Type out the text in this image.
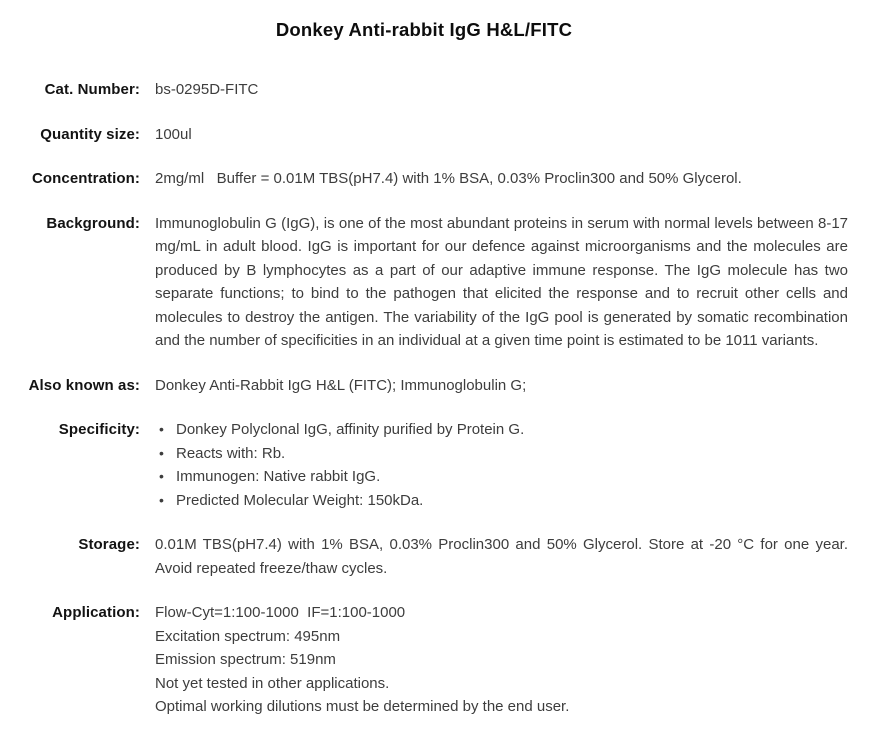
Donkey Anti-rabbit IgG H&L/FITC
Cat. Number: bs-0295D-FITC
Quantity size: 100ul
Concentration: 2mg/ml   Buffer = 0.01M TBS(pH7.4) with 1% BSA, 0.03% Proclin300 and 50% Glycerol.
Background: Immunoglobulin G (IgG), is one of the most abundant proteins in serum with normal levels between 8-17 mg/mL in adult blood. IgG is important for our defence against microorganisms and the molecules are produced by B lymphocytes as a part of our adaptive immune response. The IgG molecule has two separate functions; to bind to the pathogen that elicited the response and to recruit other cells and molecules to destroy the antigen. The variability of the IgG pool is generated by somatic recombination and the number of specificities in an individual at a given time point is estimated to be 1011 variants.
Also known as: Donkey Anti-Rabbit IgG H&L (FITC); Immunoglobulin G;
Specificity: • Donkey Polyclonal IgG, affinity purified by Protein G.
• Reacts with: Rb.
• Immunogen: Native rabbit IgG.
• Predicted Molecular Weight: 150kDa.
Storage: 0.01M TBS(pH7.4) with 1% BSA, 0.03% Proclin300 and 50% Glycerol. Store at -20 °C for one year. Avoid repeated freeze/thaw cycles.
Application: Flow-Cyt=1:100-1000  IF=1:100-1000
Excitation spectrum: 495nm
Emission spectrum: 519nm
Not yet tested in other applications.
Optimal working dilutions must be determined by the end user.
